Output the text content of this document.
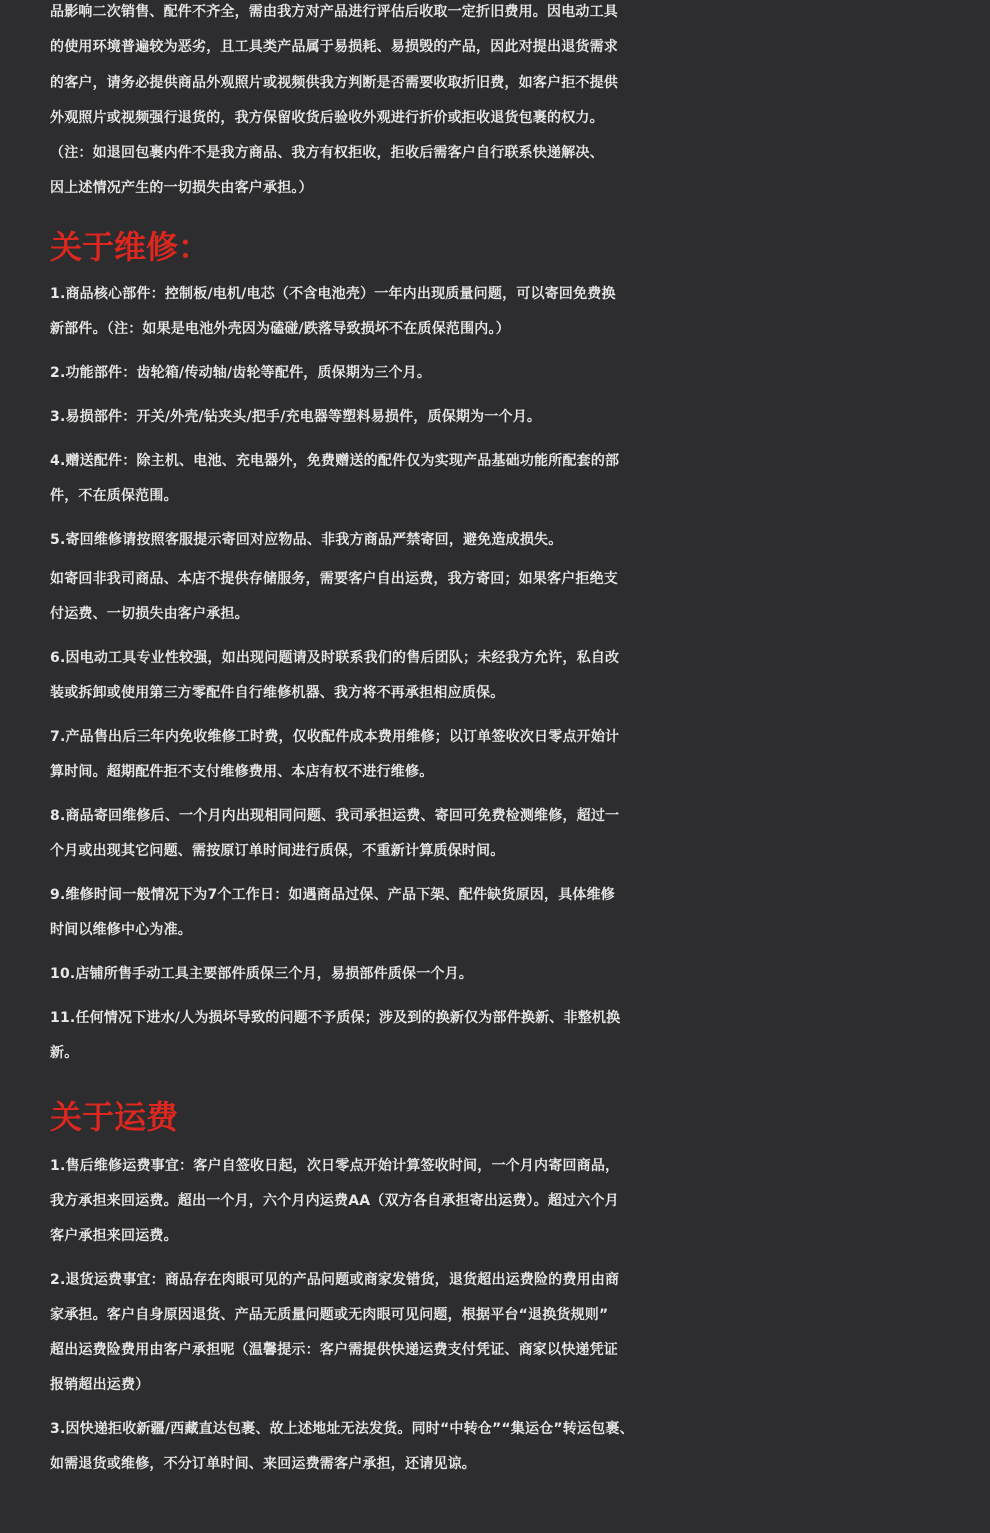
品影响二次销售、配件不齐全，需由我方对产品进行评估后收取一定折旧费用。因电动工具
的使用环境普遍较为恶劣，且工具类产品属于易损耗、易损毁的产品，因此对提出退货需求
的客户，请务必提供商品外观照片或视频供我方判断是否需要收取折旧费，如客户拒不提供
外观照片或视频强行退货的，我方保留收货后验收外观进行折价或拒收退货包裹的权力。
（注：如退回包裹内件不是我方商品、我方有权拒收，拒收后需客户自行联系快递解决、
因上述情况产生的一切损失由客户承担。）
关于维修：
1.商品核心部件：控制板/电机/电芯（不含电池壳）一年内出现质量问题，可以寄回免费换
新部件。（注：如果是电池外壳因为磕碰/跌落导致损坏不在质保范围内。）
2.功能部件：齿轮箱/传动轴/齿轮等配件，质保期为三个月。
3.易损部件：开关/外壳/钻夹头/把手/充电器等塑料易损件，质保期为一个月。
4.赠送配件：除主机、电池、充电器外，免费赠送的配件仅为实现产品基础功能所配套的部
件，不在质保范围。
5.寄回维修请按照客服提示寄回对应物品、非我方商品严禁寄回，避免造成损失。
如寄回非我司商品、本店不提供存储服务，需要客户自出运费，我方寄回；如果客户拒绝支
付运费、一切损失由客户承担。
6.因电动工具专业性较强，如出现问题请及时联系我们的售后团队；未经我方允许，私自改
装或拆卸或使用第三方零配件自行维修机器、我方将不再承担相应质保。
7.产品售出后三年内免收维修工时费，仅收配件成本费用维修；以订单签收次日零点开始计
算时间。超期配件拒不支付维修费用、本店有权不进行维修。
8.商品寄回维修后、一个月内出现相同问题、我司承担运费、寄回可免费检测维修，超过一
个月或出现其它问题、需按原订单时间进行质保，不重新计算质保时间。
9.维修时间一般情况下为7个工作日：如遇商品过保、产品下架、配件缺货原因，具体维修
时间以维修中心为准。
10.店铺所售手动工具主要部件质保三个月，易损部件质保一个月。
11.任何情况下进水/人为损坏导致的问题不予质保；涉及到的换新仅为部件换新、非整机换
新。
关于运费
1.售后维修运费事宜：客户自签收日起，次日零点开始计算签收时间，一个月内寄回商品，
我方承担来回运费。超出一个月，六个月内运费AA（双方各自承担寄出运费）。超过六个月
客户承担来回运费。
2.退货运费事宜：商品存在肉眼可见的产品问题或商家发错货，退货超出运费险的费用由商
家承担。客户自身原因退货、产品无质量问题或无肉眼可见问题，根据平台“退换货规则”
超出运费险费用由客户承担呢（温馨提示：客户需提供快递运费支付凭证、商家以快递凭证
报销超出运费）
3.因快递拒收新疆/西藏直达包裹、故上述地址无法发货。同时“中转仓”“集运仓”转运包裹、
如需退货或维修，不分订单时间、来回运费需客户承担，还请见谅。
